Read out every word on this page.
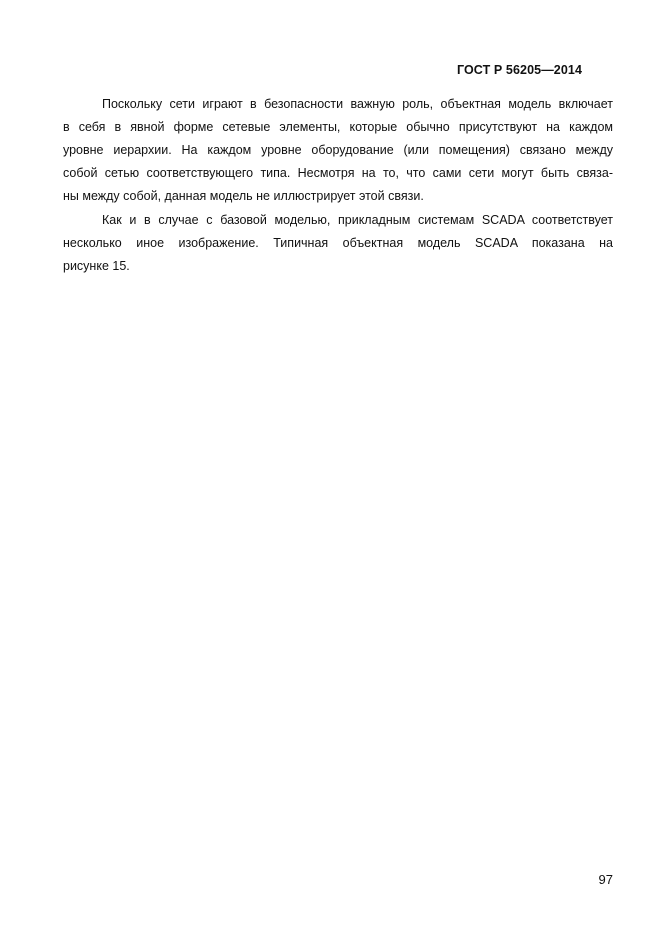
ГОСТ Р 56205—2014
Поскольку сети играют в безопасности важную роль, объектная модель включает
в себя в явной форме сетевые элементы, которые обычно присутствуют на каждом
уровне иерархии. На каждом уровне оборудование (или помещения) связано между
собой сетью соответствующего типа. Несмотря на то, что сами сети могут быть связа-
ны между собой, данная модель не иллюстрирует этой связи.
Как и в случае с базовой моделью, прикладным системам SCADA соответствует
несколько иное изображение. Типичная объектная модель SCADA показана на
рисунке 15.
97
